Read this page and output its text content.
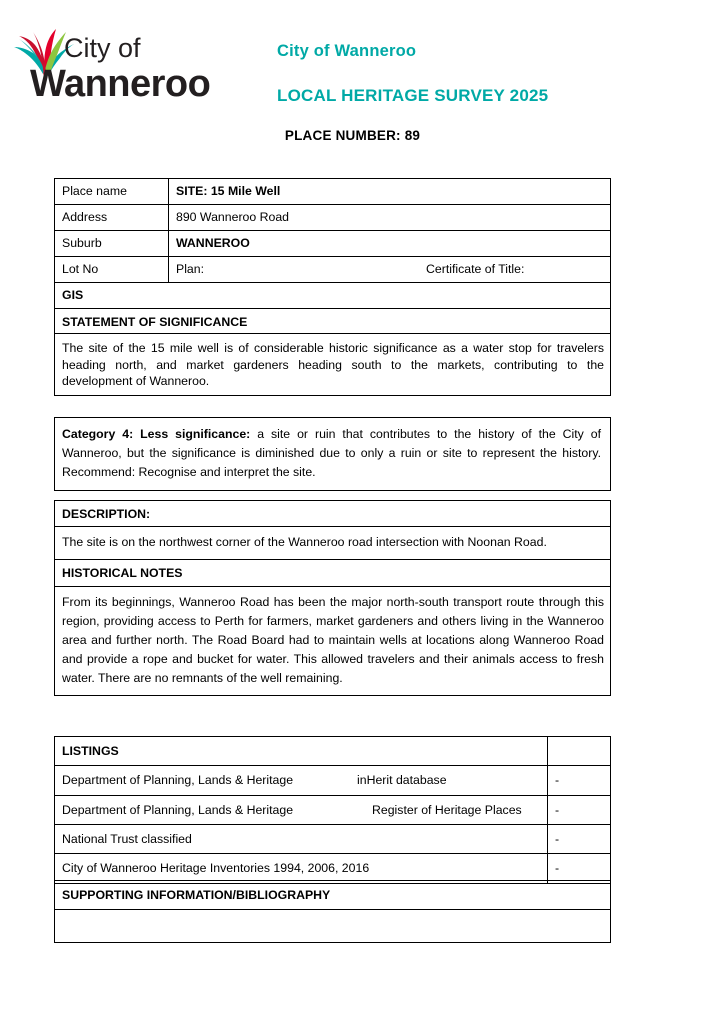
City of
Wanneroo
City of Wanneroo
LOCAL HERITAGE SURVEY 2025
PLACE NUMBER: 89
Place name	SITE: 15 Mile Well
Address	890 Wanneroo Road
Suburb	WANNEROO
Lot No	Plan: Certificate of Title:

GIS	
STATEMENT OF SIGNIFICANCE	
The site of the 15 mile well is of considerable historic significance as a water stop for travelers heading north, and market gardeners heading south to the markets, contributing to the development of Wanneroo.	
Category 4: Less significance: a site or ruin that contributes to the history of the City of Wanneroo, but the significance is diminished due to only a ruin or site to represent the history. Recommend: Recognise and interpret the site.
DESCRIPTION:
The site is on the northwest corner of the Wanneroo road intersection with Noonan Road.
HISTORICAL NOTES
From its beginnings, Wanneroo Road has been the major north-south transport route through this region, providing access to Perth for farmers, market gardeners and others living in the Wanneroo area and further north. The Road Board had to maintain wells at locations along Wanneroo Road and provide a rope and bucket for water. This allowed travelers and their animals access to fresh water. There are no remnants of the well remaining.
LISTINGS	

Department of Planning, Lands & Heritage inHerit database	-

Department of Planning, Lands & Heritage Register of Heritage Places	-
National Trust classified	-
City of Wanneroo Heritage Inventories 1994, 2006, 2016	-
SUPPORTING INFORMATION/BIBLIOGRAPHY
